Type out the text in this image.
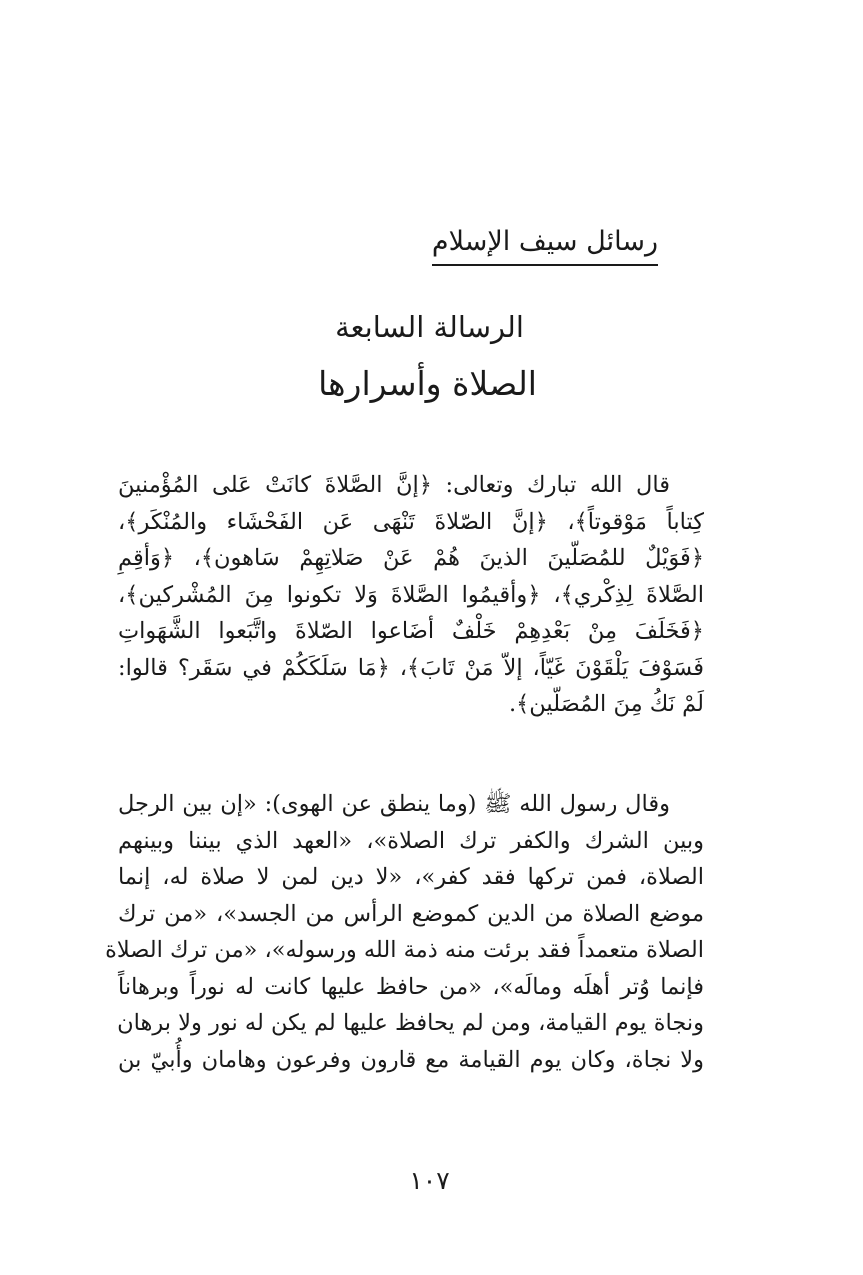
رسائل سيف الإسلام
الرسالة السابعة
الصلاة وأسرارها
قال الله تبارك وتعالى: ﴿إنَّ الصَّلاةَ كانَتْ عَلى المُؤْمنينَ
كِتاباً مَوْقوتاً﴾، ﴿إنَّ الصّلاةَ تَنْهَى عَن الفَحْشَاء والمُنْكَر﴾،
﴿فَوَيْلٌ للمُصَلّينَ الذينَ هُمْ عَنْ صَلاتِهِمْ سَاهون﴾، ﴿وَأقِمِ
الصَّلاةَ لِذِكْري﴾، ﴿وأقيمُوا الصَّلاةَ وَلا تكونوا مِنَ المُشْركين﴾،
﴿فَخَلَفَ مِنْ بَعْدِهِمْ خَلْفٌ أضَاعوا الصّلاةَ واتَّبَعوا الشَّهَواتِ
فَسَوْفَ يَلْقَوْنَ غَيّاً، إلاّ مَنْ تَابَ﴾، ﴿مَا سَلَكَكُمْ في سَقَر؟ قالوا:
لَمْ نَكُ مِنَ المُصَلّين﴾.
وقال رسول الله ﷺ (وما ينطق عن الهوى): «إن بين الرجل
وبين الشرك والكفر ترك الصلاة»، «العهد الذي بيننا وبينهم
الصلاة، فمن تركها فقد كفر»، «لا دين لمن لا صلاة له، إنما
موضع الصلاة من الدين كموضع الرأس من الجسد»، «من ترك
الصلاة متعمداً فقد برئت منه ذمة الله ورسوله»، «من ترك الصلاة
فإنما وُتر أهلَه ومالَه»، «من حافظ عليها كانت له نوراً وبرهاناً
ونجاة يوم القيامة، ومن لم يحافظ عليها لم يكن له نور ولا برهان
ولا نجاة، وكان يوم القيامة مع قارون وفرعون وهامان وأُبيّ بن
١٠٧
